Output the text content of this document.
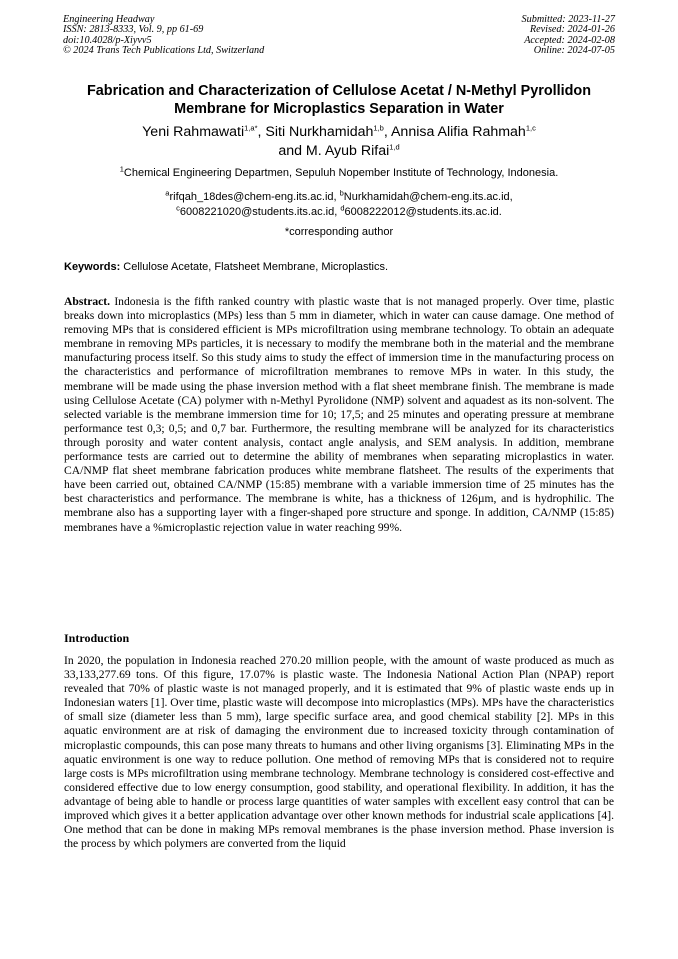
Engineering Headway
ISSN: 2813-8333, Vol. 9, pp 61-69
doi:10.4028/p-Xiyvv5
© 2024 Trans Tech Publications Ltd, Switzerland
Submitted: 2023-11-27
Revised: 2024-01-26
Accepted: 2024-02-08
Online: 2024-07-05
Fabrication and Characterization of Cellulose Acetat / N-Methyl Pyrollidon Membrane for Microplastics Separation in Water
Yeni Rahmawati$^{1,a*}$, Siti Nurkhamidah$^{1,b}$, Annisa Alifia Rahmah$^{1,c}$
and M. Ayub Rifai$^{1,d}$
$^1$Chemical Engineering Departmen, Sepuluh Nopember Institute of Technology, Indonesia.
$^a$rifqah_18des@chem-eng.its.ac.id, $^b$Nurkhamidah@chem-eng.its.ac.id,
$^c$6008221020@students.its.ac.id, $^d$6008222012@students.its.ac.id.
*corresponding author
Keywords: Cellulose Acetate, Flatsheet Membrane, Microplastics.
Abstract. Indonesia is the fifth ranked country with plastic waste that is not managed properly. Over time, plastic breaks down into microplastics (MPs) less than 5 mm in diameter, which in water can cause damage. One method of removing MPs that is considered efficient is MPs microfiltration using membrane technology. To obtain an adequate membrane in removing MPs particles, it is necessary to modify the membrane both in the material and the membrane manufacturing process itself. So this study aims to study the effect of immersion time in the manufacturing process on the characteristics and performance of microfiltration membranes to remove MPs in water. In this study, the membrane will be made using the phase inversion method with a flat sheet membrane finish. The membrane is made using Cellulose Acetate (CA) polymer with n-Methyl Pyrolidone (NMP) solvent and aquadest as its non-solvent. The selected variable is the membrane immersion time for 10; 17,5; and 25 minutes and operating pressure at membrane performance test 0,3; 0,5; and 0,7 bar. Furthermore, the resulting membrane will be analyzed for its characteristics through porosity and water content analysis, contact angle analysis, and SEM analysis. In addition, membrane performance tests are carried out to determine the ability of membranes when separating microplastics in water. CA/NMP flat sheet membrane fabrication produces white membrane flatsheet. The results of the experiments that have been carried out, obtained CA/NMP (15:85) membrane with a variable immersion time of 25 minutes has the best characteristics and performance. The membrane is white, has a thickness of 126µm, and is hydrophilic. The membrane also has a supporting layer with a finger-shaped pore structure and sponge. In addition, CA/NMP (15:85) membranes have a %microplastic rejection value in water reaching 99%.
Introduction
In 2020, the population in Indonesia reached 270.20 million people, with the amount of waste produced as much as 33,133,277.69 tons. Of this figure, 17.07% is plastic waste. The Indonesia National Action Plan (NPAP) report revealed that 70% of plastic waste is not managed properly, and it is estimated that 9% of plastic waste ends up in Indonesian waters [1]. Over time, plastic waste will decompose into microplastics (MPs). MPs have the characteristics of small size (diameter less than 5 mm), large specific surface area, and good chemical stability [2]. MPs in this aquatic environment are at risk of damaging the environment due to increased toxicity through contamination of microplastic compounds, this can pose many threats to humans and other living organisms [3]. Eliminating MPs in the aquatic environment is one way to reduce pollution. One method of removing MPs that is considered not to require large costs is MPs microfiltration using membrane technology. Membrane technology is considered cost-effective and considered effective due to low energy consumption, good stability, and operational flexibility. In addition, it has the advantage of being able to handle or process large quantities of water samples with excellent easy control that can be improved which gives it a better application advantage over other known methods for industrial scale applications [4]. One method that can be done in making MPs removal membranes is the phase inversion method. Phase inversion is the process by which polymers are converted from the liquid
